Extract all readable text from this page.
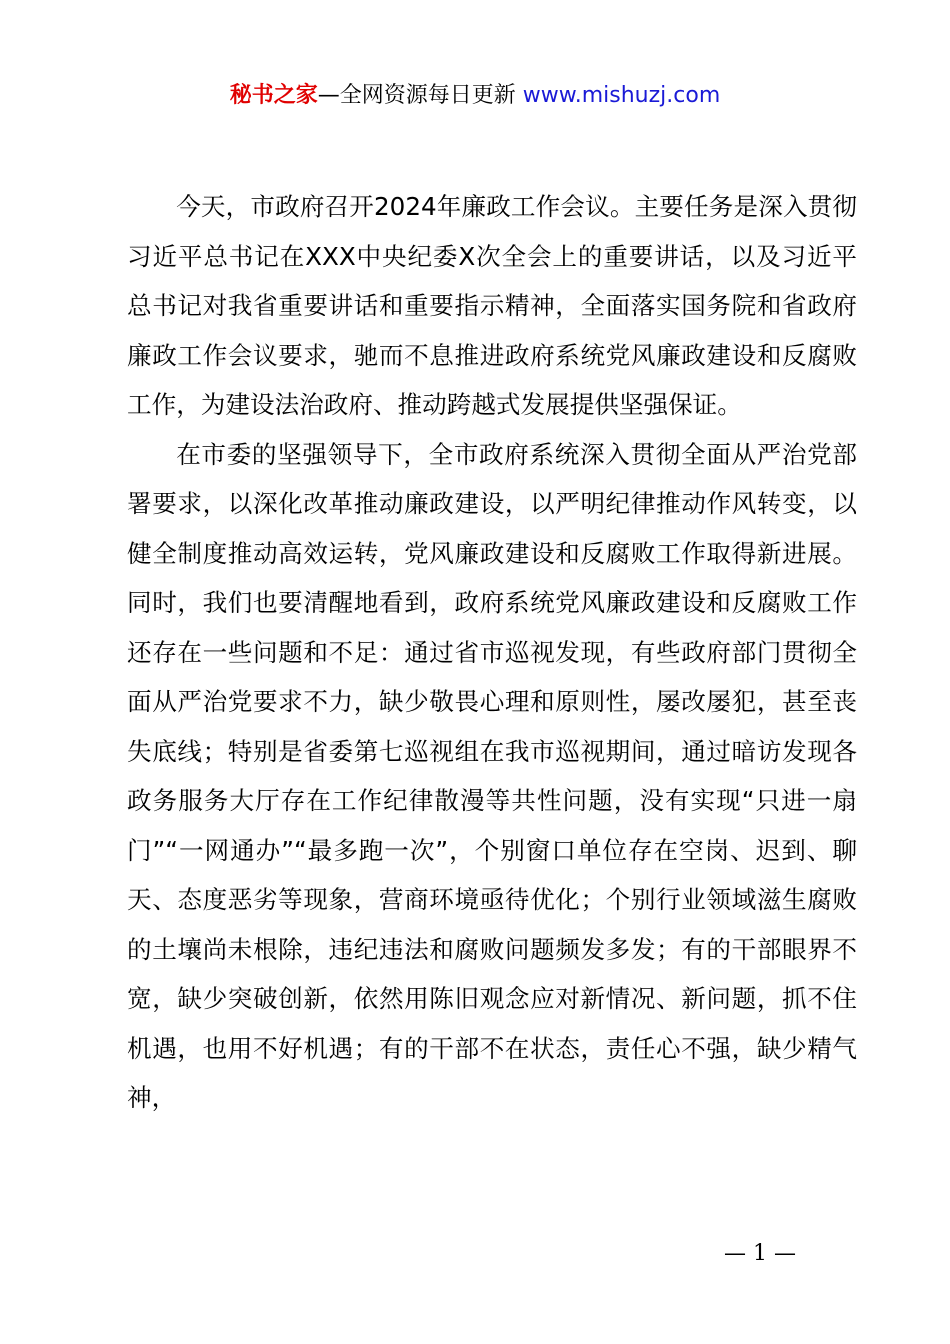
秘书之家—全网资源每日更新 www.mishuzj.com

今天，市政府召开2024年廉政工作会议。主要任务是深入贯彻习近平总书记在XXX中央纪委X次全会上的重要讲话，以及习近平总书记对我省重要讲话和重要指示精神，全面落实国务院和省政府廉政工作会议要求，驰而不息推进政府系统党风廉政建设和反腐败工作，为建设法治政府、推动跨越式发展提供坚强保证。

在市委的坚强领导下，全市政府系统深入贯彻全面从严治党部署要求，以深化改革推动廉政建设，以严明纪律推动作风转变，以健全制度推动高效运转，党风廉政建设和反腐败工作取得新进展。同时，我们也要清醒地看到，政府系统党风廉政建设和反腐败工作还存在一些问题和不足：通过省市巡视发现，有些政府部门贯彻全面从严治党要求不力，缺少敬畏心理和原则性，屡改屡犯，甚至丧失底线；特别是省委第七巡视组在我市巡视期间，通过暗访发现各政务服务大厅存在工作纪律散漫等共性问题，没有实现“只进一扇门”“一网通办”“最多跑一次”，个别窗口单位存在空岗、迟到、聊天、态度恶劣等现象，营商环境亟待优化；个别行业领域滋生腐败的土壤尚未根除，违纪违法和腐败问题频发多发；有的干部眼界不宽，缺少突破创新，依然用陈旧观念应对新情况、新问题，抓不住机遇，也用不好机遇；有的干部不在状态，责任心不强，缺少精气神，

— 1 —
